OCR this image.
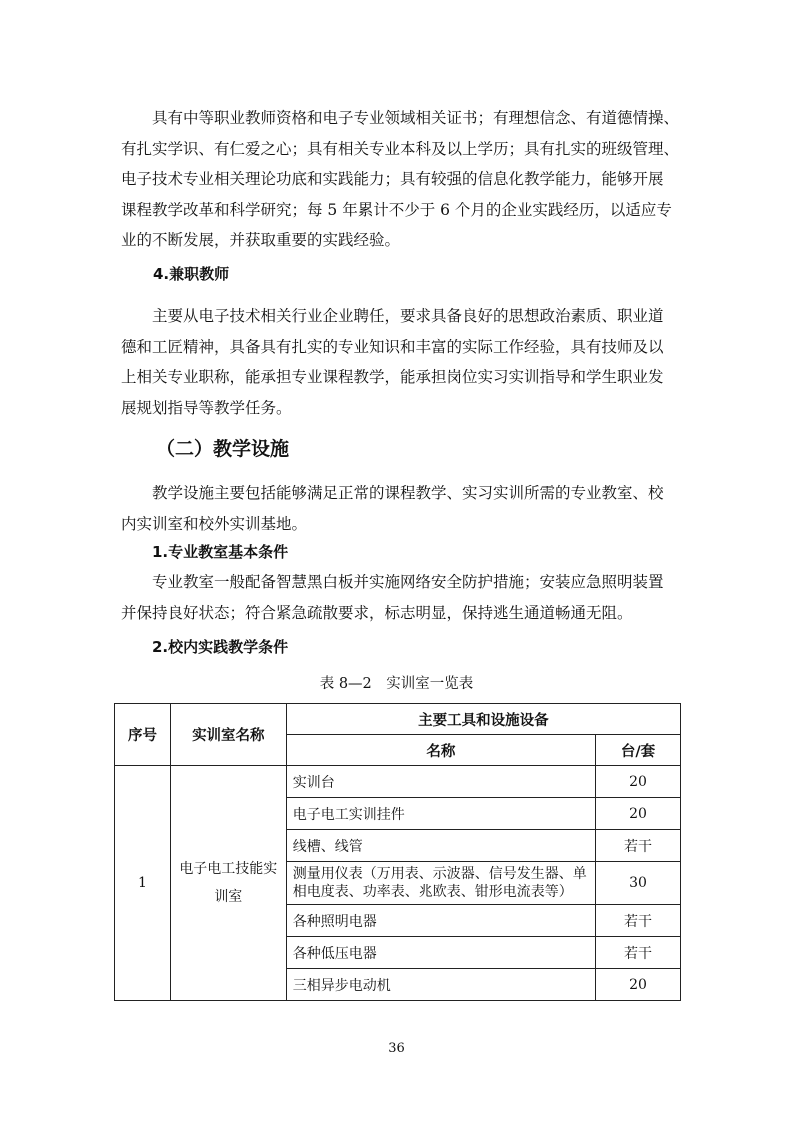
具有中等职业教师资格和电子专业领域相关证书；有理想信念、有道德情操、
有扎实学识、有仁爱之心；具有相关专业本科及以上学历；具有扎实的班级管理、
电子技术专业相关理论功底和实践能力；具有较强的信息化教学能力，能够开展
课程教学改革和科学研究；每 5 年累计不少于 6 个月的企业实践经历，以适应专
业的不断发展，并获取重要的实践经验。

4.兼职教师

主要从电子技术相关行业企业聘任，要求具备良好的思想政治素质、职业道
德和工匠精神，具备具有扎实的专业知识和丰富的实际工作经验，具有技师及以
上相关专业职称，能承担专业课程教学，能承担岗位实习实训指导和学生职业发
展规划指导等教学任务。

（二）教学设施

教学设施主要包括能够满足正常的课程教学、实习实训所需的专业教室、校
内实训室和校外实训基地。

1.专业教室基本条件

专业教室一般配备智慧黑白板并实施网络安全防护措施；安装应急照明装置
并保持良好状态；符合紧急疏散要求，标志明显，保持逃生通道畅通无阻。

2.校内实践教学条件

表 8—2　实训室一览表

序号	实训室名称	主要工具和设施设备	
		名称	台/套
1	电子电工技能实训室	实训台	20
		电子电工实训挂件	20
		线槽、线管	若干
		测量用仪表（万用表、示波器、信号发生器、单相电度表、功率表、兆欧表、钳形电流表等）	30
		各种照明电器	若干
		各种低压电器	若干
		三相异步电动机	20

36
